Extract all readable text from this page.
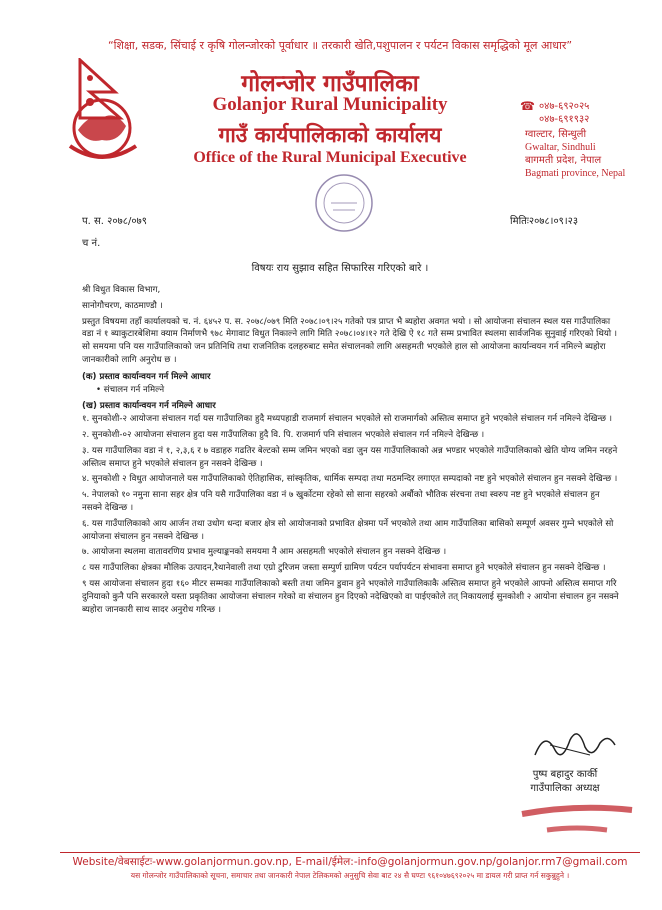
“शिक्षा, सडक, सिंचाई र कृषि गोलन्जोरको पूर्वाधार ॥ तरकारी खेति,पशुपालन र पर्यटन विकास समृद्धिको मूल आधार”
गोलन्जोर गाउँपालिका
Golanjor Rural Municipality
गाउँ कार्यपालिकाको कार्यालय
Office of the Rural Municipal Executive
☎ ०४७-६९२०२५
०४७-६९१९३२
ग्वाल्टार, सिन्धुली
Gwaltar, Sindhuli
बागमती प्रदेश, नेपाल
Bagmati province, Nepal
प. स. २०७८/०७९
च नं.
मितिः२०७८।०९।२३
विषयः राय सुझाव सहित सिफारिस गरिएको बारे ।

श्री विधुत विकास विभाग,

सानोगौचरण, काठमाण्डौ ।

प्रस्तुत विषयमा तहाँ कार्यालयको च. नं. ६४५२ प. स. २०७८/०७९ मिति २०७८।०९।२५ गतेको पत्र प्राप्त भै ब्यहोरा अवगत भयो । सो आयोजना संचालन स्थल यस गाउँपालिका वडा नं १ ब्याकुटारबेशिमा क्याम निर्माणभै ९७८ मेगावाट विधुत निकाल्ने लागि मिति २०७८।०४।१२ गते देखि ऐ १८ गते सम्म प्रभावित स्थलमा सार्वजनिक सुनुवाई गरिएको थियो । सो समयमा पनि यस गाउँपालिकाको जन प्रतिनिधि तथा राजनितिक दलहरुबाट समेत संचालनको लागि असहमती भएकोले हाल सो आयोजना कार्यान्वयन गर्न नमिल्ने ब्यहोरा जानकारीको लागि अनुरोध छ ।

(क) प्रस्ताव कार्यान्वयन गर्न मिल्ने आधार

• संचालन गर्न नमिल्ने

(ख) प्रस्ताव कार्यान्वयन गर्न नमिल्ने आधार

१. सुनकोशी-२ आयोजना संचालन गर्दा यस गाउँपालिका हुदै मध्यपहाडी राजमार्ग संचालन भएकोले सो राजमार्गको अस्तित्व समाप्त हुने भएकोले संचालन गर्न नमिल्ने देखिन्छ ।

२. सुनकोशी-०२ आयोजना संचालन हुदा यस गाउँपालिका हुदै वि. पि. राजमार्ग पनि संचालन भएकोले संचालन गर्न नमिल्ने देखिन्छ ।

३. यस गाउँपालिका वडा नं १, २,३,६ र ७ वडाहरु गढतिर बेल्टको सम्म जमिन भएको वडा जुन यस गाउँपालिकाको अन्न भण्डार भएकोले गाउँपालिकाको खेति योग्य जमिन नरहने अस्तित्व समाप्त हुने भएकोले संचालन हुन नसक्ने देखिन्छ ।

४. सुनकोशी २ विधुत आयोजनाले यस गाउँपालिकाको ऐतिहासिक, सांस्कृतिक, धार्मिक सम्पदा तथा मठमन्दिर लगाएत सम्पदाको नष्ट हुने भएकोले संचालन हुन नसक्ने देखिन्छ ।

५. नेपालको १० नमुना साना सहर क्षेत्र पनि यसै गाउँपालिका वडा नं ७ खुर्कोटमा रहेको सो साना सहरको अर्बौको भौतिक संरचना तथा स्वरुप नष्ट हुने भएकोले संचालन हुन नसक्ने देखिन्छ ।

६. यस गाउँपालिकाको आय आर्जन तथा उधोग धन्दा बजार क्षेत्र सो आयोजनाको प्रभावित क्षेत्रमा पर्ने भएकोले तथा आम गाउँपालिका बासिको सम्पूर्ण अवसर गुम्ने भएकोले सो आयोजना संचालन हुन नसक्ने देखिन्छ ।

७. आयोजना स्थलमा वातावरणिय प्रभाव मुल्याङ्कनको समयमा नै आम असहमती भएकोले संचालन हुन नसक्ने देखिन्छ ।

८ यस गाउँपालिका क्षेत्रका मौलिक उत्पादन,रैथानेवाली तथा एग्रो टुरिजम जस्ता सम्पुर्ण ग्रामिण पर्यटन पर्यापर्यटन संभावना समाप्त हुने भएकोले संचालन हुन नसक्ने देखिन्छ ।

९ यस आयोजना संचालन हुदा १६० मीटर सम्मका गाउँपालिकाको बस्ती तथा जमिन डुवान हुने भएकोले गाउँपालिकाकै अस्तित्व समाप्त हुने भएकोले आफ्नो अस्तित्व समाप्त गरि दुनियाको कुनै पनि सरकारले यस्ता प्रकृतिका आयोजना संचालन गरेको वा संचालन हुन दिएको नदेखिएको वा पाईएकोले तत् निकायलाई सुनकोशी २ आयोना संचालन हुन नसक्ने ब्यहोरा जानकारी साथ सादर अनुरोध गरिन्छ ।

पुष्प बहादुर कार्की
गाउँपालिका अध्यक्ष
Website/वेबसाईटः-www.golanjormun.gov.np, E-mail/ईमेल:-info@golanjormun.gov.np/golanjor.rm7@gmail.com
यस गोलन्जोर गाउँपालिकाको सूचना, समाचार तथा जानकारी नेपाल टेलिकमको अनुसुचि सेवा बाट २४ सै घण्टा ९६१०४७६९२०२५ मा डायल गरी प्राप्त गर्न सकुन्नुहुने ।
